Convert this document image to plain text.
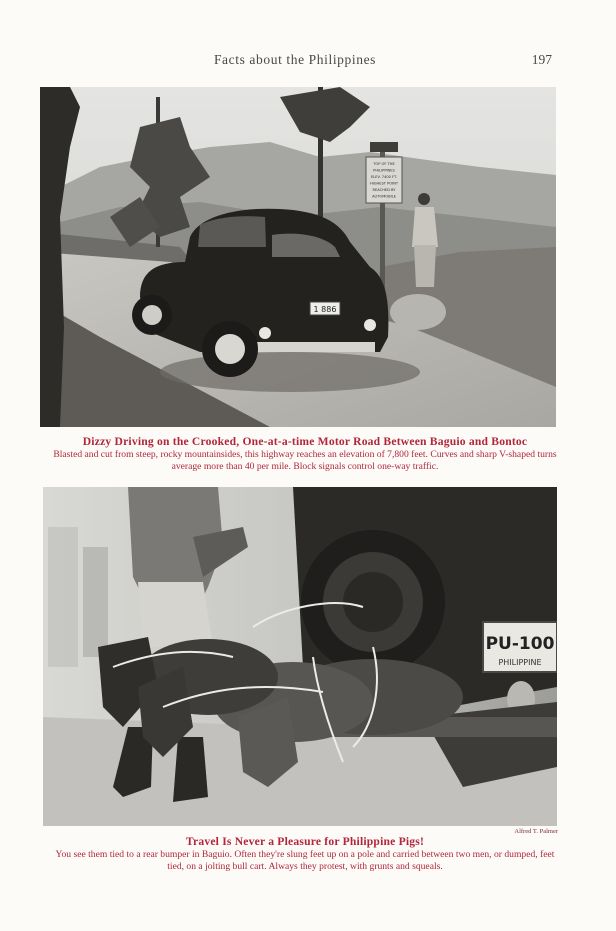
Facts about the Philippines	197
TOP OF THE
PHILIPPINES
ELEV. 7400 FT.
HIGHEST POINT
REACHED BY
AUTOMOBILE
1 886
Dizzy Driving on the Crooked, One-at-a-time Motor Road Between Baguio and Bontoc
Blasted and cut from steep, rocky mountainsides, this highway reaches an elevation of 7,800 feet. Curves and sharp V-shaped turns average more than 40 per mile. Block signals control one-way traffic.
PU-100
PHILIPPINE
Alfred T. Palmer
Travel Is Never a Pleasure for Philippine Pigs!
You see them tied to a rear bumper in Baguio. Often they're slung feet up on a pole and carried between two men, or dumped, feet tied, on a jolting bull cart. Always they protest, with grunts and squeals.
